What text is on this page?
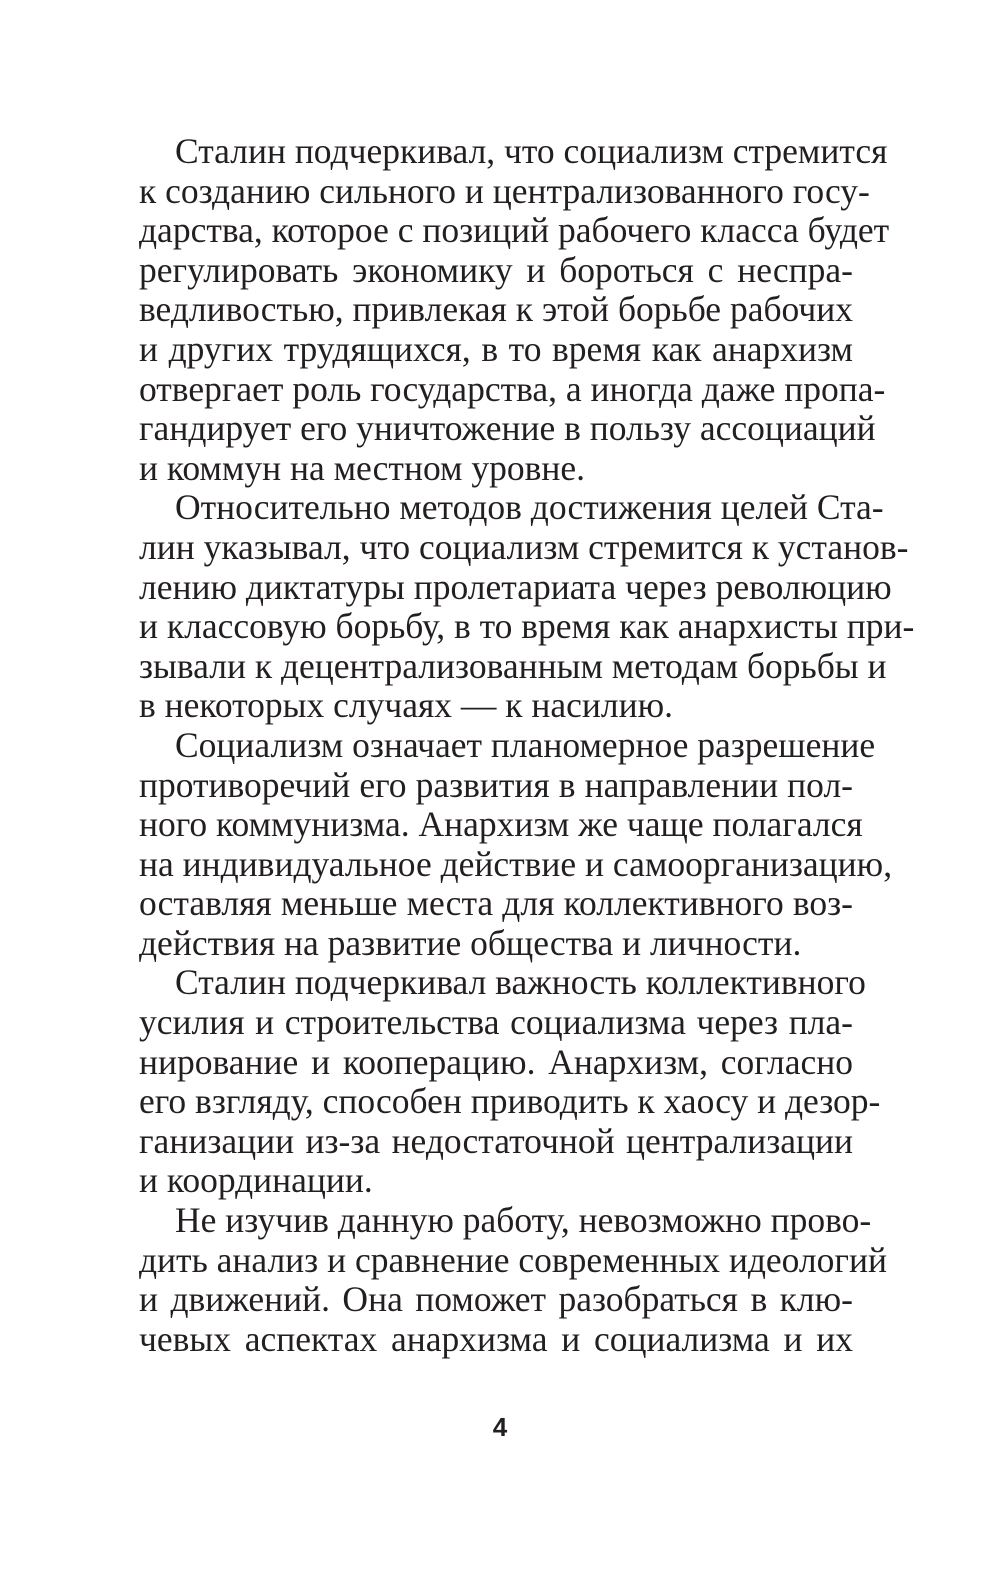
Сталин подчеркивал, что социализм стремится
к созданию сильного и централизованного госу-
дарства, которое с позиций рабочего класса будет
регулировать экономику и бороться с неспра-
ведливостью, привлекая к этой борьбе рабочих
и других трудящихся, в то время как анархизм
отвергает роль государства, а иногда даже пропа-
гандирует его уничтожение в пользу ассоциаций
и коммун на местном уровне.

Относительно методов достижения целей Ста-
лин указывал, что социализм стремится к установ-
лению диктатуры пролетариата через революцию
и классовую борьбу, в то время как анархисты при-
зывали к децентрализованным методам борьбы и
в некоторых случаях — к насилию.

Социализм означает планомерное разрешение
противоречий его развития в направлении пол-
ного коммунизма. Анархизм же чаще полагался
на индивидуальное действие и самоорганизацию,
оставляя меньше места для коллективного воз-
действия на развитие общества и личности.

Сталин подчеркивал важность коллективного
усилия и строительства социализма через пла-
нирование и кооперацию. Анархизм, согласно
его взгляду, способен приводить к хаосу и дезор-
ганизации из-за недостаточной централизации
и координации.

Не изучив данную работу, невозможно прово-
дить анализ и сравнение современных идеологий
и движений. Она поможет разобраться в клю-
чевых аспектах анархизма и социализма и их

4
